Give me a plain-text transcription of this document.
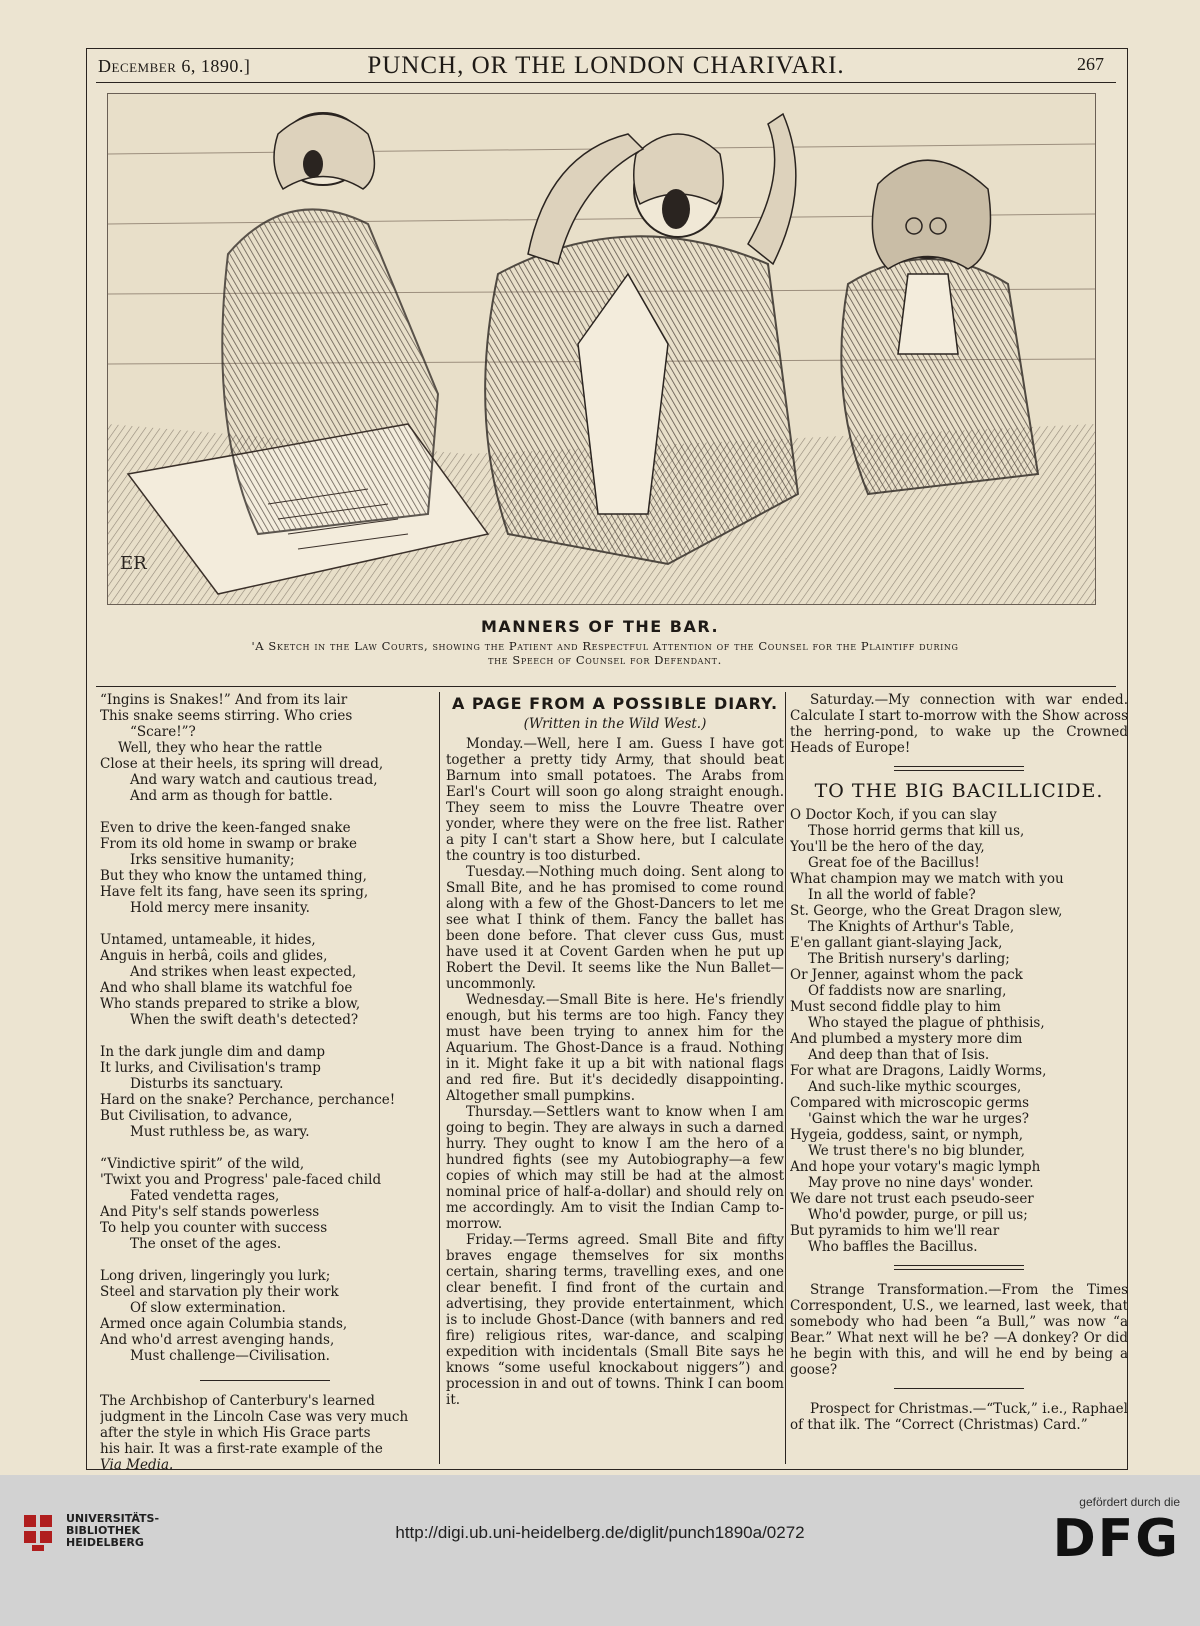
December 6, 1890.]	PUNCH, OR THE LONDON CHARIVARI.	267
ER
MANNERS OF THE BAR.
'A Sketch in the Law Courts, showing the Patient and Respectful Attention of the Counsel for the Plaintiff during
the Speech of Counsel for Defendant.
“Ingins is Snakes!” And from its lair
This snake seems stirring. Who cries
“Scare!”?
Well, they who hear the rattle
Close at their heels, its spring will dread,
And wary watch and cautious tread,
And arm as though for battle.
Even to drive the keen-fanged snake
From its old home in swamp or brake
Irks sensitive humanity;
But they who know the untamed thing,
Have felt its fang, have seen its spring,
Hold mercy mere insanity.
Untamed, untameable, it hides,
Anguis in herbâ, coils and glides,
And strikes when least expected,
And who shall blame its watchful foe
Who stands prepared to strike a blow,
When the swift death's detected?
In the dark jungle dim and damp
It lurks, and Civilisation's tramp
Disturbs its sanctuary.
Hard on the snake? Perchance, perchance!
But Civilisation, to advance,
Must ruthless be, as wary.
“Vindictive spirit” of the wild,
'Twixt you and Progress' pale-faced child
Fated vendetta rages,
And Pity's self stands powerless
To help you counter with success
The onset of the ages.
Long driven, lingeringly you lurk;
Steel and starvation ply their work
Of slow extermination.
Armed once again Columbia stands,
And who'd arrest avenging hands,
Must challenge—Civilisation.
The Archbishop of Canterbury's learned
judgment in the Lincoln Case was very much
after the style in which His Grace parts
his hair. It was a first-rate example of the
Via Media.
A PAGE FROM A POSSIBLE DIARY.
(Written in the Wild West.)

Monday.—Well, here I am. Guess I have got together a pretty tidy Army, that should beat Barnum into small potatoes. The Arabs from Earl's Court will soon go along straight enough. They seem to miss the Louvre Theatre over yonder, where they were on the free list. Rather a pity I can't start a Show here, but I calculate the country is too disturbed.

Tuesday.—Nothing much doing. Sent along to Small Bite, and he has promised to come round along with a few of the Ghost-Dancers to let me see what I think of them. Fancy the ballet has been done before. That clever cuss Gus, must have used it at Covent Garden when he put up Robert the Devil. It seems like the Nun Ballet—uncommonly.

Wednesday.—Small Bite is here. He's friendly enough, but his terms are too high. Fancy they must have been trying to annex him for the Aquarium. The Ghost-Dance is a fraud. Nothing in it. Might fake it up a bit with national flags and red fire. But it's decidedly disappointing. Altogether small pumpkins.

Thursday.—Settlers want to know when I am going to begin. They are always in such a darned hurry. They ought to know I am the hero of a hundred fights (see my Autobiography—a few copies of which may still be had at the almost nominal price of half-a-dollar) and should rely on me accordingly. Am to visit the Indian Camp to-morrow.

Friday.—Terms agreed. Small Bite and fifty braves engage themselves for six months certain, sharing terms, travelling exes, and one clear benefit. I find front of the curtain and advertising, they provide entertainment, which is to include Ghost-Dance (with banners and red fire) religious rites, war-dance, and scalping expedition with incidentals (Small Bite says he knows “some useful knockabout niggers”) and procession in and out of towns. Think I can boom it.

Saturday.—My connection with war ended. Calculate I start to-morrow with the Show across the herring-pond, to wake up the Crowned Heads of Europe!

TO THE BIG BACILLICIDE.
O Doctor Koch, if you can slay
Those horrid germs that kill us,
You'll be the hero of the day,
Great foe of the Bacillus!
What champion may we match with you
In all the world of fable?
St. George, who the Great Dragon slew,
The Knights of Arthur's Table,
E'en gallant giant-slaying Jack,
The British nursery's darling;
Or Jenner, against whom the pack
Of faddists now are snarling,
Must second fiddle play to him
Who stayed the plague of phthisis,
And plumbed a mystery more dim
And deep than that of Isis.
For what are Dragons, Laidly Worms,
And such-like mythic scourges,
Compared with microscopic germs
'Gainst which the war he urges?
Hygeia, goddess, saint, or nymph,
We trust there's no big blunder,
And hope your votary's magic lymph
May prove no nine days' wonder.
We dare not trust each pseudo-seer
Who'd powder, purge, or pill us;
But pyramids to him we'll rear
Who baffles the Bacillus.

Strange Transformation.—From the Times Correspondent, U.S., we learned, last week, that somebody who had been “a Bull,” was now “a Bear.” What next will he be? —A donkey? Or did he begin with this, and will he end by being a goose?

Prospect for Christmas.—“Tuck,” i.e., Raphael of that ilk. The “Correct (Christmas) Card.”

UNIVERSITÄTS-
BIBLIOTHEK
HEIDELBERG
http://digi.ub.uni-heidelberg.de/diglit/punch1890a/0272
gefördert durch die
DFG
